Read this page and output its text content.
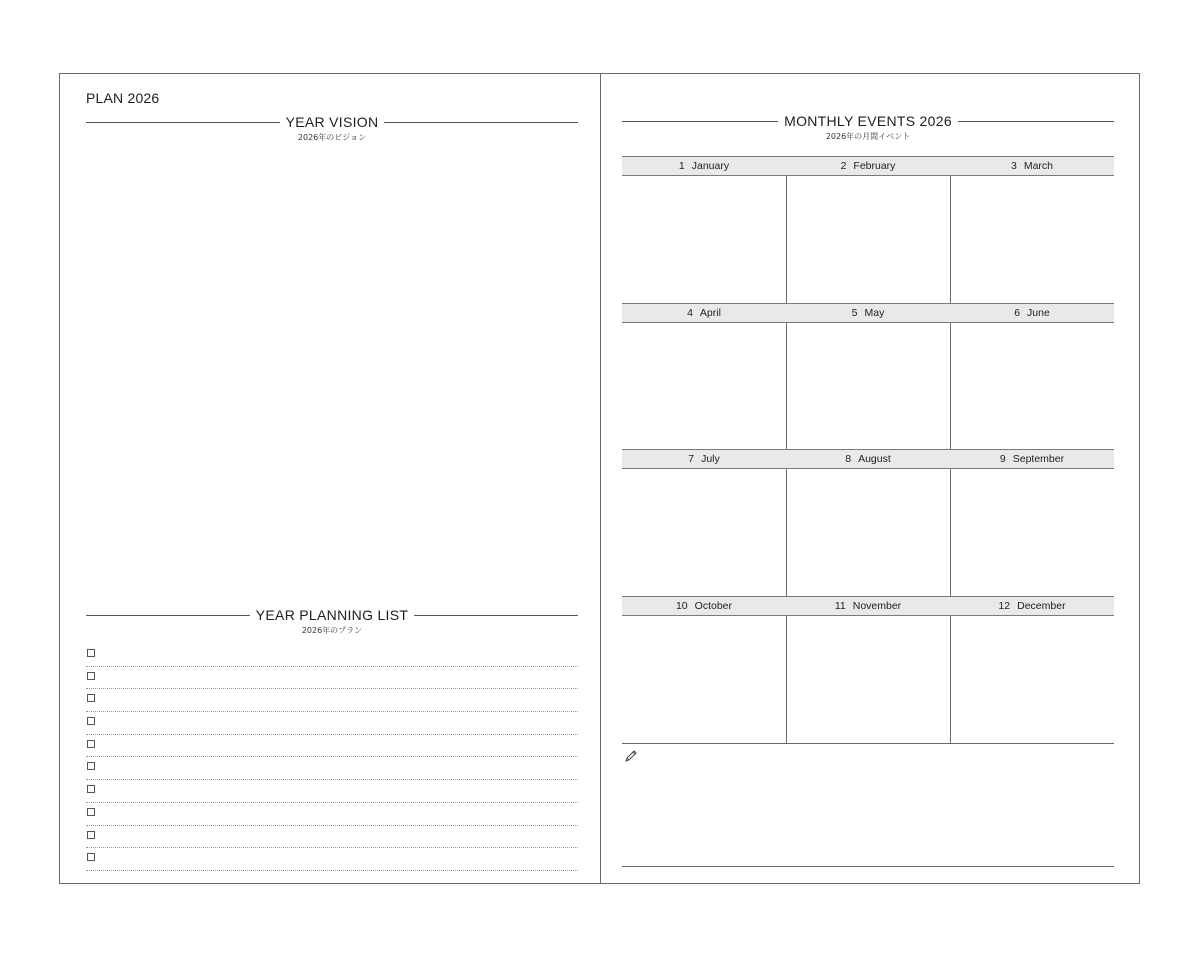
PLAN 2026
YEAR VISION
2026年のビジョン
YEAR PLANNING LIST
2026年のプラン
MONTHLY EVENTS 2026
2026年の月間イベント
1 January	2 February	3 March
4 April	5 May	6 June
7 July	8 August	9 September
10 October	11 November	12 December
